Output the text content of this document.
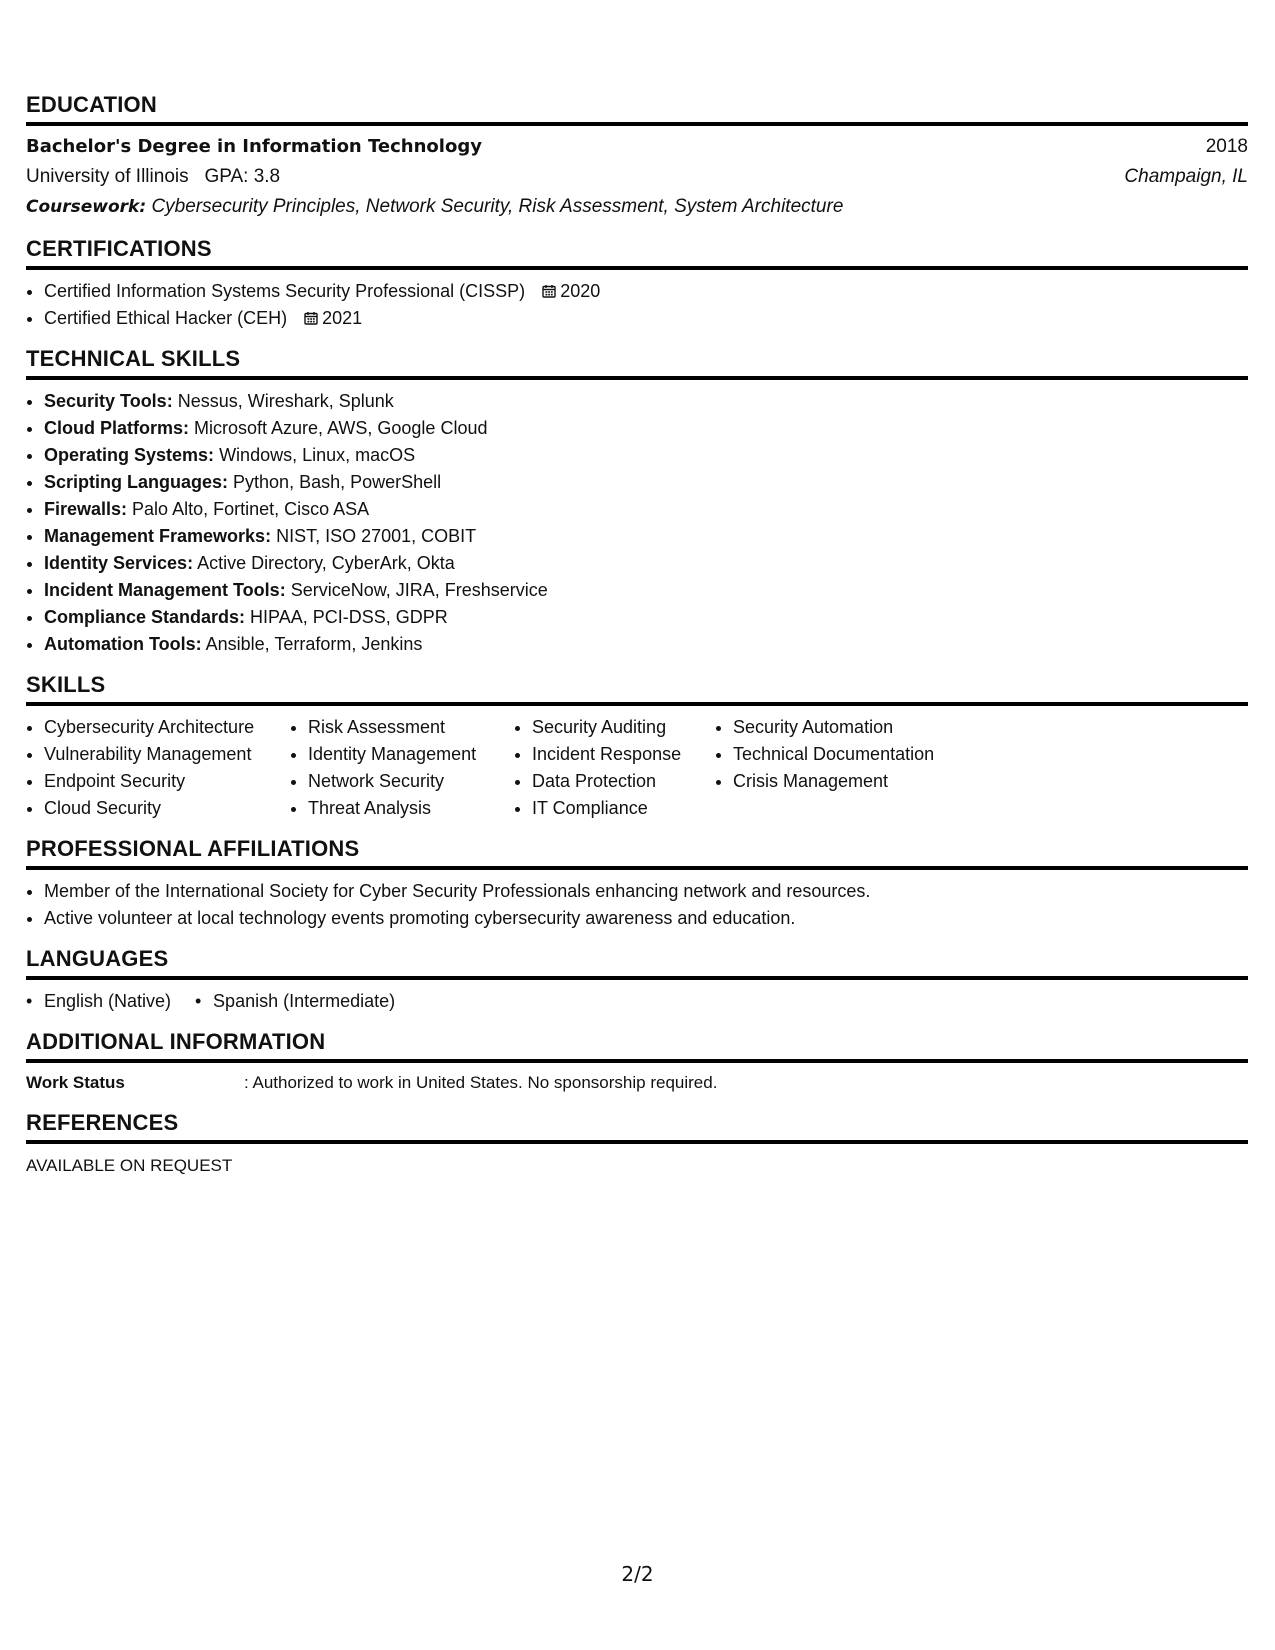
EDUCATION
Bachelor's Degree in Information Technology	2018
University of Illinois   GPA: 3.8	Champaign, IL
Coursework: Cybersecurity Principles, Network Security, Risk Assessment, System Architecture
CERTIFICATIONS
• Certified Information Systems Security Professional (CISSP) 2020
• Certified Ethical Hacker (CEH) 2021
TECHNICAL SKILLS
• Security Tools: Nessus, Wireshark, Splunk
• Cloud Platforms: Microsoft Azure, AWS, Google Cloud
• Operating Systems: Windows, Linux, macOS
• Scripting Languages: Python, Bash, PowerShell
• Firewalls: Palo Alto, Fortinet, Cisco ASA
• Management Frameworks: NIST, ISO 27001, COBIT
• Identity Services: Active Directory, CyberArk, Okta
• Incident Management Tools: ServiceNow, JIRA, Freshservice
• Compliance Standards: HIPAA, PCI-DSS, GDPR
• Automation Tools: Ansible, Terraform, Jenkins
SKILLS
• Cybersecurity Architecture
• Vulnerability Management
• Endpoint Security
• Cloud Security
• Risk Assessment
• Identity Management
• Network Security
• Threat Analysis
• Security Auditing
• Incident Response
• Data Protection
• IT Compliance
• Security Automation
• Technical Documentation
• Crisis Management
PROFESSIONAL AFFILIATIONS
• Member of the International Society for Cyber Security Professionals enhancing network and resources.
• Active volunteer at local technology events promoting cybersecurity awareness and education.
LANGUAGES
• English (Native)
•	Spanish (Intermediate)
ADDITIONAL INFORMATION
Work Status	: Authorized to work in United States. No sponsorship required.
REFERENCES
AVAILABLE ON REQUEST
2/2
